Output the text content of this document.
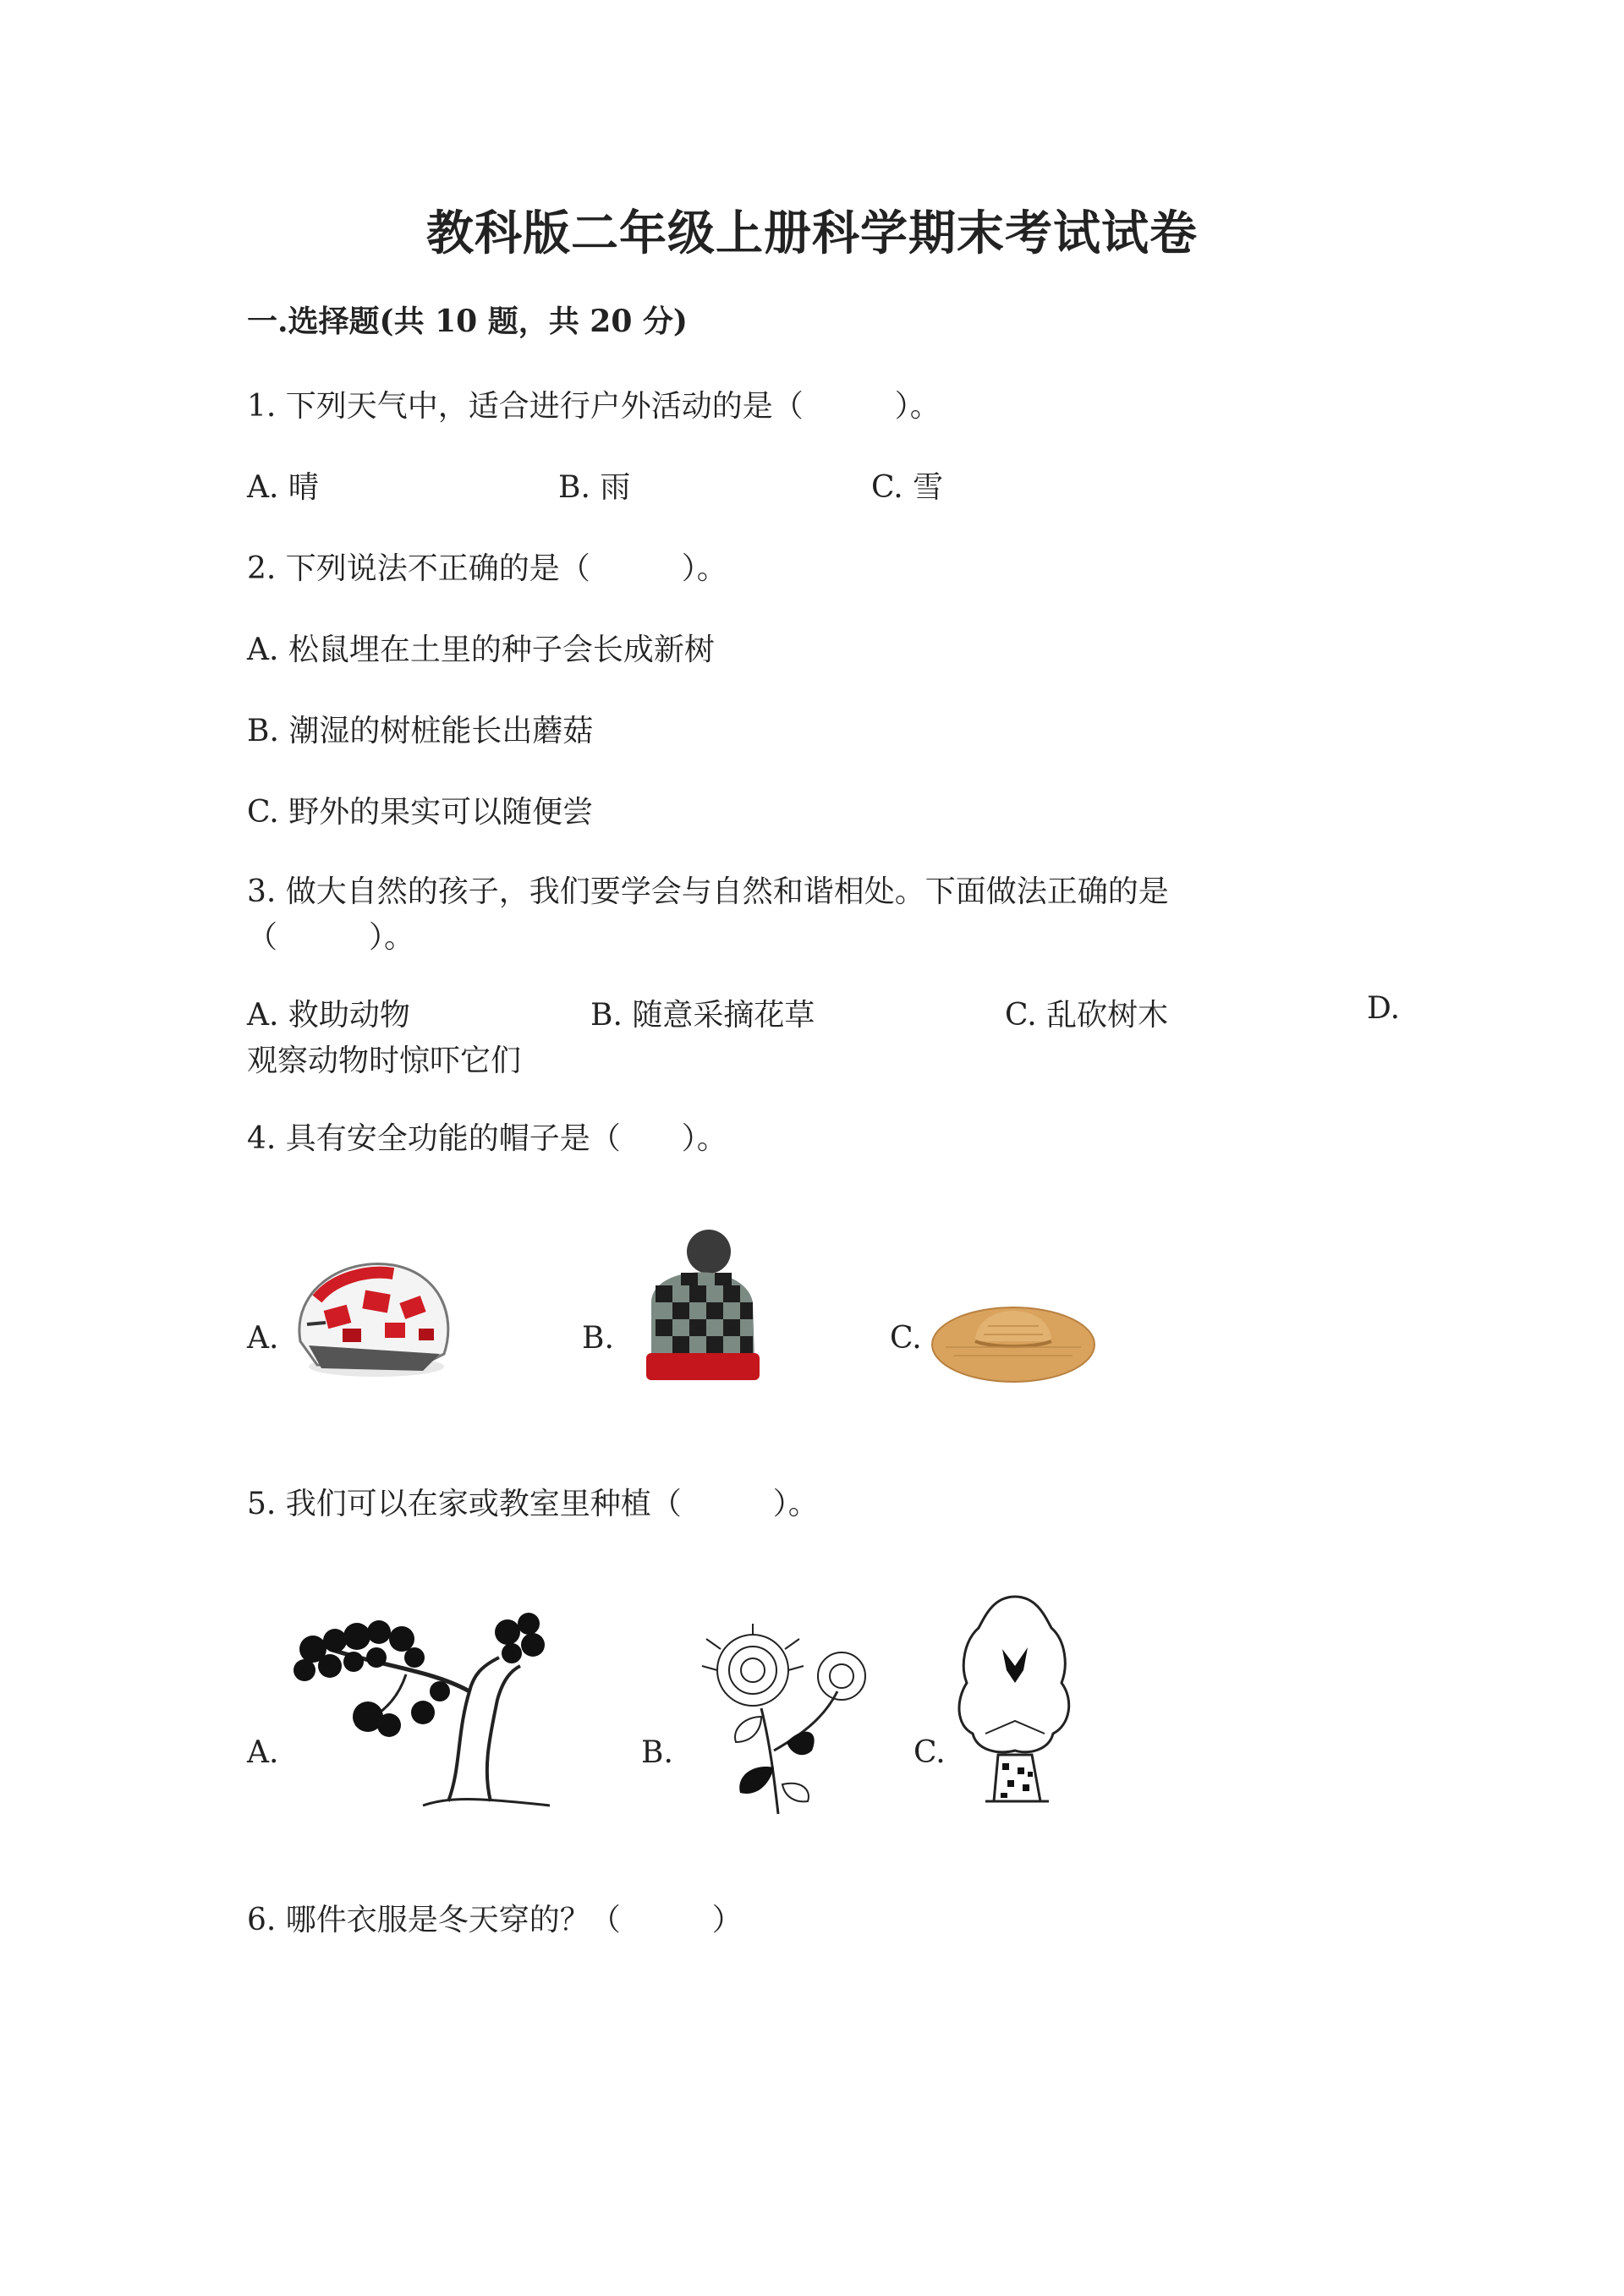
教科版二年级上册科学期末考试试卷
一.选择题(共 10 题，共 20 分)
1. 下列天气中，适合进行户外活动的是（　　　）。
A. 晴	B. 雨	C. 雪
2. 下列说法不正确的是（　　　）。
A. 松鼠埋在土里的种子会长成新树
B. 潮湿的树桩能长出蘑菇
C. 野外的果实可以随便尝
3. 做大自然的孩子，我们要学会与自然和谐相处。下面做法正确的是
（　　　）。
A. 救助动物	B. 随意采摘花草	C. 乱砍树木	D.
观察动物时惊吓它们
4. 具有安全功能的帽子是（　　）。
A.	B.	C.
5. 我们可以在家或教室里种植（　　　）。
A.	B.	C.
6. 哪件衣服是冬天穿的？（　　　）
